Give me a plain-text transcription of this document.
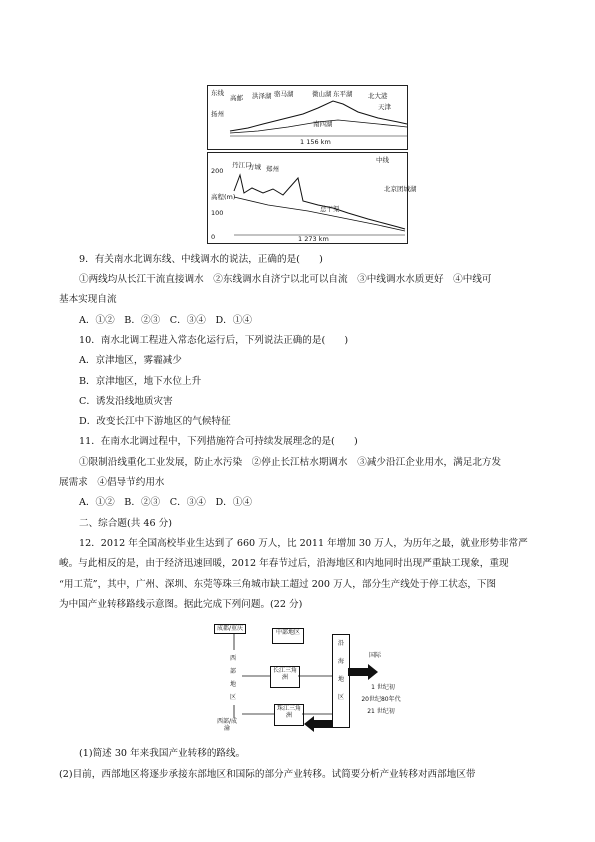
东线
扬州
高邮 洪泽湖 骆马湖	微山湖 东平湖 北大港
天津
南四湖
1 156 km
中线
200
100
0
高程(m)
丹江口
方城 郑州
北京团城湖
总干渠
1 273 km
9．有关南水北调东线、中线调水的说法，正确的是(　　)
①两线均从长江干流直接调水　②东线调水自济宁以北可以自流　③中线调水水质更好　④中线可
基本实现自流
A．①②　B．②③　C．③④　D．①④
10．南水北调工程进入常态化运行后，下列说法正确的是(　　)
A．京津地区，雾霾减少
B．京津地区，地下水位上升
C．诱发沿线地质灾害
D．改变长江中下游地区的气候特征
11．在南水北调过程中，下列措施符合可持续发展理念的是(　　)
①限制沿线重化工业发展，防止水污染　②停止长江枯水期调水　③减少沿江企业用水，满足北方发
展需求　④倡导节约用水
A．①②　B．②③　C．③④　D．①④
二、综合题(共 46 分)
12．2012 年全国高校毕业生达到了 660 万人，比 2011 年增加 30 万人，为历年之最，就业形势非常严
峻。与此相反的是，由于经济迅速回暖，2012 年春节过后，沿海地区和内地同时出现严重缺工现象，重现
“用工荒”，其中，广州、深圳、东莞等珠三角城市缺工超过 200 万人，部分生产线处于停工状态，下图
为中国产业转移路线示意图。据此完成下列问题。(22 分)
成都/重庆
中部地区
西
部
地
区
长江三角洲
珠江三角洲
沿
海
地
区
西部/成渝
国际
1 世纪初
20世纪80年代
21 世纪初
(1)简述 30 年来我国产业转移的路线。
(2)目前，西部地区将逐步承接东部地区和国际的部分产业转移。试简要分析产业转移对西部地区带
